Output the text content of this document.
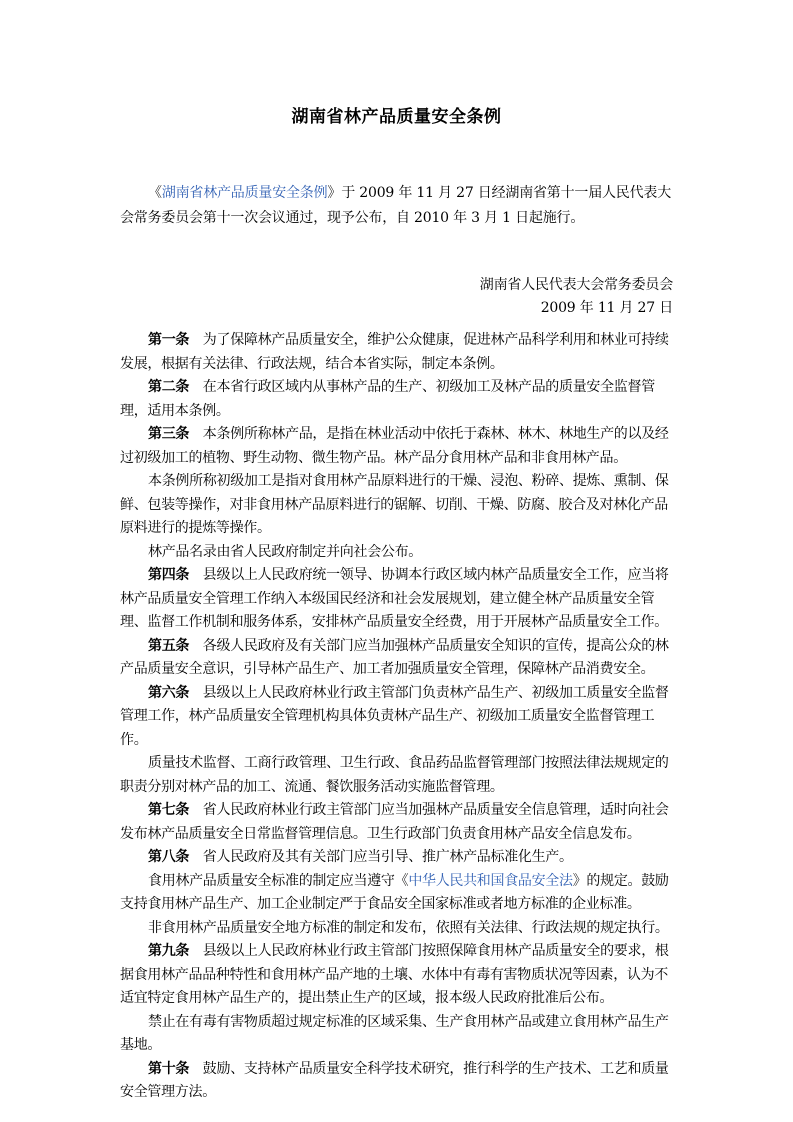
湖南省林产品质量安全条例
《湖南省林产品质量安全条例》于 2009 年 11 月 27 日经湖南省第十一届人民代表大会常务委员会第十一次会议通过，现予公布，自 2010 年 3 月 1 日起施行。
湖南省人民代表大会常务委员会
2009 年 11 月 27 日

第一条　为了保障林产品质量安全，维护公众健康，促进林产品科学利用和林业可持续发展，根据有关法律、行政法规，结合本省实际，制定本条例。

第二条　在本省行政区域内从事林产品的生产、初级加工及林产品的质量安全监督管理，适用本条例。

第三条　本条例所称林产品，是指在林业活动中依托于森林、林木、林地生产的以及经过初级加工的植物、野生动物、微生物产品。林产品分食用林产品和非食用林产品。

本条例所称初级加工是指对食用林产品原料进行的干燥、浸泡、粉碎、提炼、熏制、保鲜、包装等操作，对非食用林产品原料进行的锯解、切削、干燥、防腐、胶合及对林化产品原料进行的提炼等操作。

林产品名录由省人民政府制定并向社会公布。

第四条　县级以上人民政府统一领导、协调本行政区域内林产品质量安全工作，应当将林产品质量安全管理工作纳入本级国民经济和社会发展规划，建立健全林产品质量安全管理、监督工作机制和服务体系，安排林产品质量安全经费，用于开展林产品质量安全工作。

第五条　各级人民政府及有关部门应当加强林产品质量安全知识的宣传，提高公众的林产品质量安全意识，引导林产品生产、加工者加强质量安全管理，保障林产品消费安全。

第六条　县级以上人民政府林业行政主管部门负责林产品生产、初级加工质量安全监督管理工作，林产品质量安全管理机构具体负责林产品生产、初级加工质量安全监督管理工作。

质量技术监督、工商行政管理、卫生行政、食品药品监督管理部门按照法律法规规定的职责分别对林产品的加工、流通、餐饮服务活动实施监督管理。

第七条　省人民政府林业行政主管部门应当加强林产品质量安全信息管理，适时向社会发布林产品质量安全日常监督管理信息。卫生行政部门负责食用林产品安全信息发布。

第八条　省人民政府及其有关部门应当引导、推广林产品标准化生产。

食用林产品质量安全标准的制定应当遵守《中华人民共和国食品安全法》的规定。鼓励支持食用林产品生产、加工企业制定严于食品安全国家标准或者地方标准的企业标准。

非食用林产品质量安全地方标准的制定和发布，依照有关法律、行政法规的规定执行。

第九条　县级以上人民政府林业行政主管部门按照保障食用林产品质量安全的要求，根据食用林产品品种特性和食用林产品产地的土壤、水体中有毒有害物质状况等因素，认为不适宜特定食用林产品生产的，提出禁止生产的区域，报本级人民政府批准后公布。

禁止在有毒有害物质超过规定标准的区域采集、生产食用林产品或建立食用林产品生产基地。

第十条　鼓励、支持林产品质量安全科学技术研究，推行科学的生产技术、工艺和质量安全管理方法。
